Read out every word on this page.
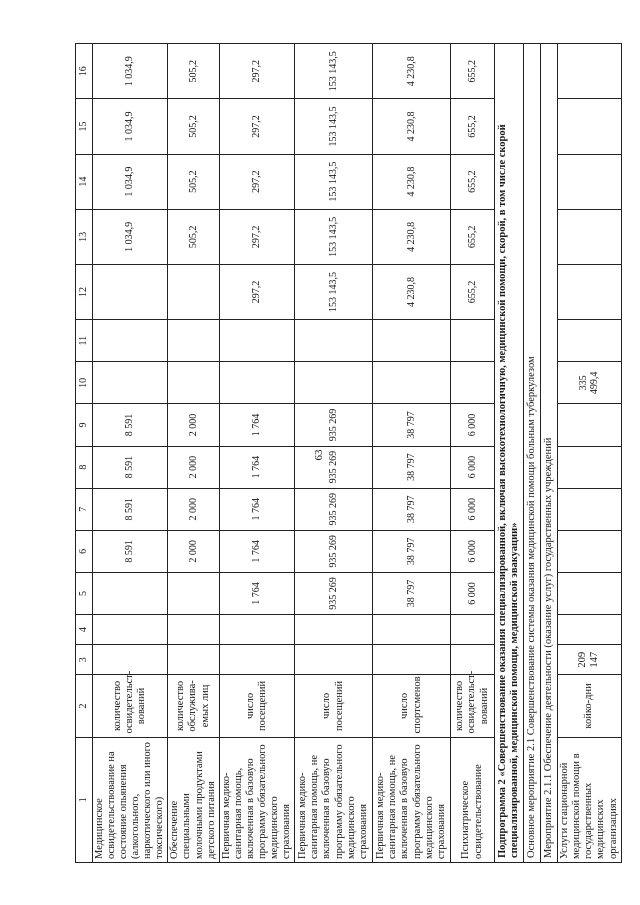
63
1	2	3	4	5	6	7	8	9	10	11	12	13	14	15	16
Медицинское освидетельствование на состояние опьянения (алкогольного, наркотического или иного токсического)	количество освидетельст-вований				8 591	8 591	8 591	8 591				1 034,9	1 034,9	1 034,9	1 034,9
Обеспечение специальными молочными продуктами детского питания	количество обслужива-емых лиц				2 000	2 000	2 000	2 000				505,2	505,2	505,2	505,2
Первичная медико-санитарная помощь, включенная в базовую программу обязательного медицинского страхования	число посещений			1 764	1 764	1 764	1 764	1 764			297,2	297,2	297,2	297,2	297,2
Первичная медико-санитарная помощь, не включенная в базовую программу обязательного медицинского страхования	число посещений			935 269	935 269	935 269	935 269	935 269			153 143,5	153 143,5	153 143,5	153 143,5	153 143,5
Первичная медико-санитарная помощь, не включенная в базовую программу обязательного медицинского страхования	число спортсменов			38 797	38 797	38 797	38 797	38 797			4 230,8	4 230,8	4 230,8	4 230,8	4 230,8
Психиатрическое освидетельствование	количество освидетельст-вований			6 000	6 000	6 000	6 000	6 000			655,2	655,2	655,2	655,2	655,2
Подпрограмма 2 «Совершенствование оказания специализированной, включая высокотехнологичную, медицинской помощи, скорой, в том числе скорой специализированной, медицинской помощи, медицинской эвакуации»															
Основное мероприятие 2.1 Совершенствование системы оказания медицинской помощи больным туберкулезом															
Мероприятие 2.1.1 Обеспечение деятельности (оказание услуг) государственных учреждений															
Услуги стационарной медицинской помощи в государственных медицинских организациях	койко-дни	209 147							335 499,4						
